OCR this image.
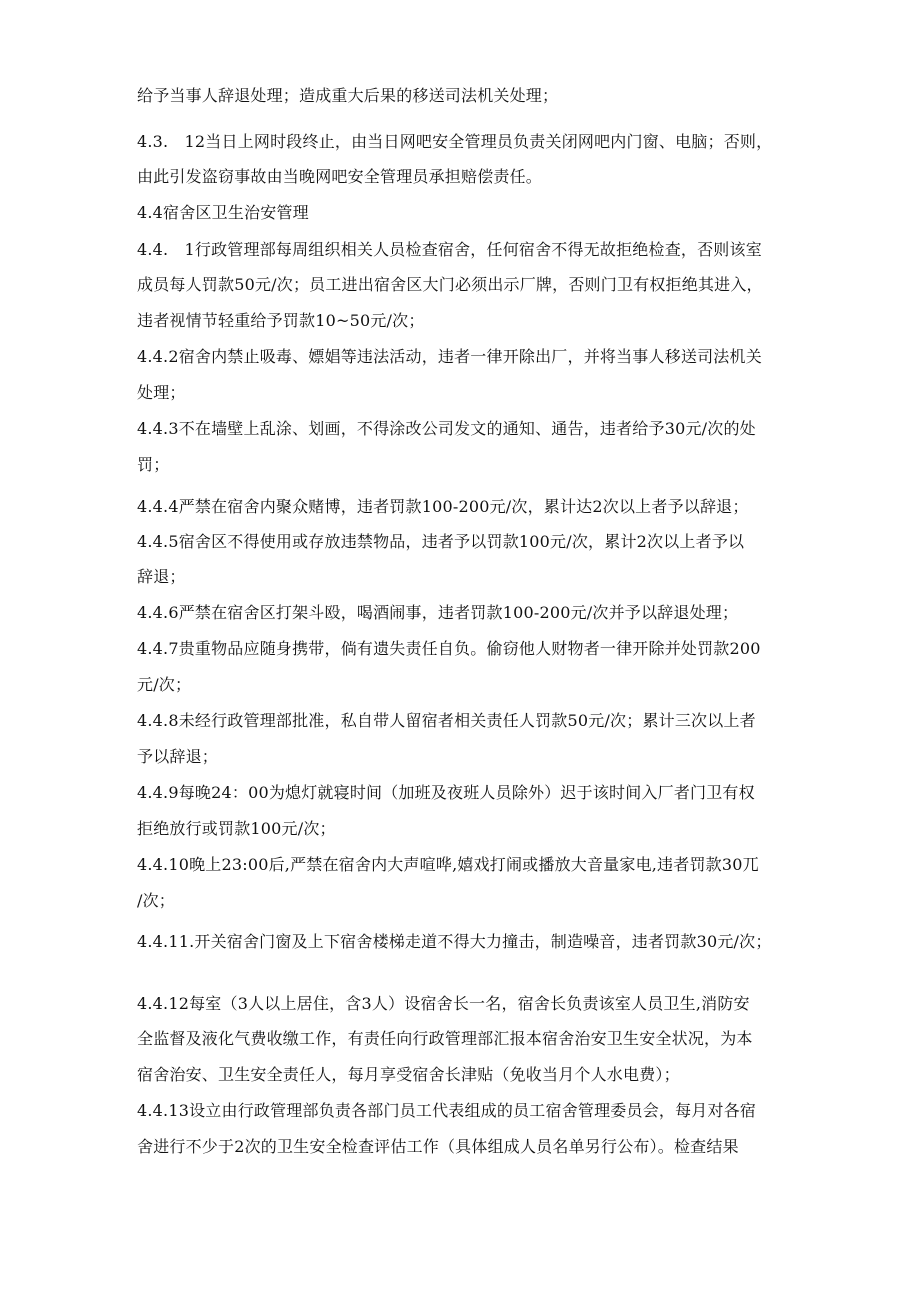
给予当事人辞退处理；造成重大后果的移送司法机关处理；
4.3.　12当日上网时段终止，由当日网吧安全管理员负责关闭网吧内门窗、电脑；否则，
由此引发盗窃事故由当晚网吧安全管理员承担赔偿责任。
4.4宿舍区卫生治安管理
4.4.　1行政管理部每周组织相关人员检查宿舍，任何宿舍不得无故拒绝检查，否则该室
成员每人罚款50元/次；员工进出宿舍区大门必须出示厂牌，否则门卫有权拒绝其进入，
违者视情节轻重给予罚款10~50元/次；
4.4.2宿舍内禁止吸毒、嫖娼等违法活动，违者一律开除出厂，并将当事人移送司法机关
处理；
4.4.3不在墙壁上乱涂、划画，不得涂改公司发文的通知、通告，违者给予30元/次的处
罚；
4.4.4严禁在宿舍内聚众赌博，违者罚款100-200元/次，累计达2次以上者予以辞退；
4.4.5宿舍区不得使用或存放违禁物品，违者予以罚款100元/次，累计2次以上者予以
辞退；
4.4.6严禁在宿舍区打架斗殴，喝酒闹事，违者罚款100-200元/次并予以辞退处理；
4.4.7贵重物品应随身携带，倘有遗失责任自负。偷窃他人财物者一律开除并处罚款200
元/次；
4.4.8未经行政管理部批准，私自带人留宿者相关责任人罚款50元/次；累计三次以上者
予以辞退；
4.4.9每晚24：00为熄灯就寝时间（加班及夜班人员除外）迟于该时间入厂者门卫有权
拒绝放行或罚款100元/次；
4.4.10晚上23:00后,严禁在宿舍内大声喧哗,嬉戏打闹或播放大音量家电,违者罚款30兀
/次；
4.4.11.开关宿舍门窗及上下宿舍楼梯走道不得大力撞击，制造噪音，违者罚款30元/次；
4.4.12每室（3人以上居住，含3人）设宿舍长一名，宿舍长负责该室人员卫生,消防安
全监督及液化气费收缴工作，有责任向行政管理部汇报本宿舍治安卫生安全状况，为本
宿舍治安、卫生安全责任人，每月享受宿舍长津贴（免收当月个人水电费）；
4.4.13设立由行政管理部负责各部门员工代表组成的员工宿舍管理委员会，每月对各宿
舍进行不少于2次的卫生安全检查评估工作（具体组成人员名单另行公布）。检查结果
